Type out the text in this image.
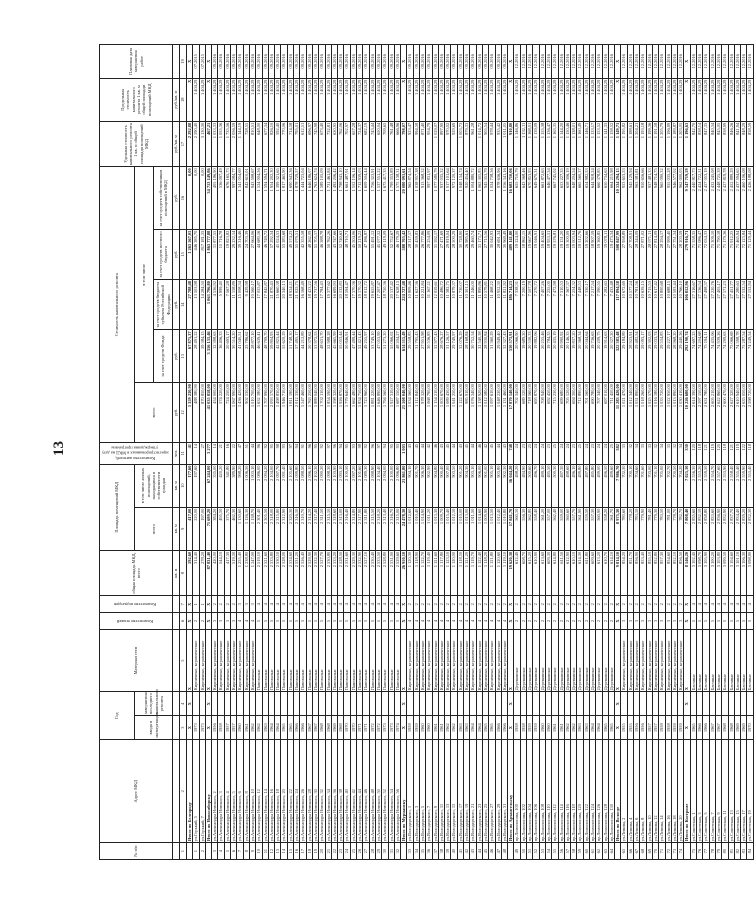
13
№ п/п	Адрес МКД	Год		Материал стен	Количество этажей	Количество подъездов	общая площадь МКД, всего	Площадь помещений МКД		Количество жителей, зарегистрированных в МКД на дату утверждения программы	Стоимость капитального ремонта					Удельная стоимость капитального ремонта 1 кв. м общей площади помещений МКД	Предельная стоимость капитального ремонта 1 кв. м общей площади помещений МКД	Плановая дата завершения работ
		ввода в эксплуатацию	завершения последнего капитального ремонта					всего	в том числе жилых помещений, находящихся в собственности граждан		всего	в том числе						
												за счет средств Фонда	за счет средств бюджета субъекта Российской Федерации	за счет средств местного бюджета	за счет средств собственников помещений в МКД			
							кв. м	кв. м	кв. м	чел.	руб.	руб.	руб.	руб.	руб.	руб./кв. м	руб./кв. м	
1	2	3	4	5	6	7	8	9	10	11	12	13	14	15	16	17	18	19
	Итого по Белгороду	X	X	X	X	X	592,60	417,00	177,60	41	1 359 230,90	67 875,37	27 788,48	1 263 567,05	0,00	2 292,88	X	X
1	ул.Горький, 5	1973		Кирпичные, керамические	2	1	314,40	220,00	197,60	14	488 380,90	28 491,22	13 503,98	446 385,70	0,00	2 590,40	1 404,29	07.2015
2	ул.Горький, 7	1973		Кирпичные, керамические	2	1	278,20	197,00		27	870 850,00	39 384,15	14 284,50	817 181,35	0,00	3 130,30	1 404,29	07.2015
	Итого по Новосибирску	X	X	X	X	X	87 831,40	71 699,20	67 244,00	3 277	41 035 858,00	3 356 133,46	1 063 796,80	1 863 777,88	34 753 149,86	467,21	X	X
3	ул.Александра Невского, 2	1956		Кирпичные, керамические	3	2	420,00	384,20	335,00	14	434 000,00	12 398,63	4 536,92	11 877,55	405 186,90	1 033,33	1 404,29	09.2016
4	ул.Александра Невского, 3	1958		Кирпичные, керамические	3	2	544,10	495,50	420,20	21	574 220,00	16 406,33	5 999,40	15 716,78	536 097,49	1 055,36	1 404,29	09.2016
5	ул.Александра Невского, 4	1957		Кирпичные, керамические	3	2	417,30	375,70	341,80	16	724 250,00	20 693,17	7 567,28	19 823,82	676 165,73	1 735,56	1 404,29	09.2016
6	ул.Александра Невского, 5	1957		Кирпичные, керамические	3	2	519,30	462,30	389,90	22	1 067 990,00	30 514,20	11 158,89	29 232,14	997 084,77	2 056,59	1 404,29	09.2016
7	ул.Александра Невского, 6	1960		Кирпичные, керамические	4	3	1 255,40	1 130,60	998,20	47	1 436 420,00	41 040,51	15 008,34	39 316,46	1 341 054,69	1 144,19	1 404,29	09.2016
8	ул.Александра Невского, 8	1961		Кирпичные, керамические	4	3	1 238,80	1 126,30	1 006,50	51	902 530,00	25 786,62	9 429,98	24 703,39	842 610,01	728,55	1 404,29	09.2016
9	ул.Александра Невского, 10	1962		Кирпичные, керамические	4	3	1 247,00	1 138,70	1 003,10	44	1 010 700,00	28 877,10	10 560,17	27 664,06	943 598,67	810,51	1 404,29	09.2016
10	ул.Александра Невского, 12	1962		Панельные	5	4	2 519,10	2 301,40	2 086,00	96	1 632 380,00	46 639,41	17 055,87	44 680,16	1 524 004,56	648,00	1 404,29	09.2016
11	ул.Александра Невского, 14	1963		Панельные	5	4	2 521,60	2 305,50	2 094,20	92	1 707 990,00	48 799,70	17 845,87	46 749,72	1 594 594,71	677,34	1 404,29	09.2016
12	ул.Александра Невского, 16	1964		Панельные	5	4	2 533,80	2 318,00	2 104,00	95	2 093 170,00	59 804,93	21 870,43	57 292,34	1 954 202,30	826,10	1 404,29	09.2016
13	ул.Александра Невского, 18	1964		Панельные	5	4	2 530,10	2 315,80	2 097,70	98	1 498 830,00	42 823,44	15 660,38	41 024,53	1 399 321,65	592,40	1 404,29	09.2016
14	ул.Александра Невского, 20	1965		Панельные	5	4	2 528,00	2 312,90	2 091,40	93	1 946 710,00	55 620,29	20 340,13	53 283,68	1 817 465,90	770,06	1 404,29	09.2016
15	ул.Александра Невского, 22	1965		Панельные	5	4	2 534,60	2 320,30	2 105,60	97	1 811 190,00	51 748,30	18 924,11	49 574,23	1 690 943,36	714,58	1 404,29	09.2016
16	ул.Александра Невского, 24	1966		Панельные	5	4	2 531,20	2 316,10	2 099,80	94	2 012 330,00	57 495,17	21 025,75	55 079,51	1 878 729,57	795,01	1 404,29	09.2016
17	ул.Александра Невского, 26	1966		Панельные	5	4	2 526,40	2 310,70	2 088,50	91	1 547 460,00	44 212,89	16 168,49	42 355,58	1 444 723,04	612,51	1 404,29	09.2016
18	ул.Александра Невского, 28	1967		Панельные	5	4	2 529,90	2 314,20	2 096,10	96	1 763 250,00	50 378,62	18 423,22	48 262,09	1 646 186,07	696,97	1 404,29	09.2016
19	ул.Александра Невского, 30	1967		Панельные	5	4	2 532,30	2 317,40	2 102,30	95	1 889 040,00	53 972,53	19 737,56	51 705,17	1 763 624,74	745,98	1 404,29	09.2016
20	ул.Александра Невского, 32	1968		Панельные	5	4	2 527,70	2 311,50	2 090,20	92	1 702 110,00	48 631,70	17 784,43	46 588,78	1 589 105,09	673,40	1 404,29	09.2016
21	ул.Александра Невского, 34	1968		Панельные	5	4	2 530,80	2 315,10	2 098,30	97	1 854 590,00	52 988,28	19 377,62	50 762,26	1 731 461,84	732,81	1 404,29	09.2016
22	ул.Александра Невского, 36	1969		Панельные	5	4	2 533,20	2 318,60	2 103,90	96	1 598 320,00	45 665,99	16 699,93	43 747,66	1 492 206,42	630,95	1 404,29	09.2016
23	ул.Александра Невского, 38	1969		Панельные	5	4	2 528,50	2 313,00	2 093,10	94	1 926 870,00	55 053,44	20 132,83	52 740,63	1 798 943,10	762,06	1 404,29	09.2016
24	ул.Александра Невского, 40	1970		Панельные	5	4	2 531,60	2 316,40	2 100,50	95	1 779 640,00	50 846,91	18 594,47	48 710,71	1 661 487,91	702,97	1 404,29	09.2016
25	ул.Александра Невского, 42	1970		Панельные	5	4	2 529,30	2 314,80	2 097,20	93	1 662 480,00	47 499,44	17 370,36	45 504,06	1 552 106,14	657,28	1 404,29	09.2016
26	ул.Александра Невского, 44	1971		Панельные	5	4	2 532,90	2 317,90	2 101,60	98	1 834 750,00	52 421,43	19 170,32	50 219,22	1 712 939,03	724,37	1 404,29	09.2016
27	ул.Александра Невского, 46	1971		Панельные	5	4	2 527,10	2 311,80	2 089,30	92	1 723 960,00	49 255,97	18 012,72	47 186,87	1 609 504,44	682,19	1 404,29	09.2016
28	ул.Александра Невского, 48	1972		Панельные	5	4	2 530,40	2 315,50	2 098,90	96	1 881 220,00	53 749,10	19 655,87	51 491,12	1 756 323,91	743,44	1 404,29	09.2016
29	ул.Александра Невского, 50	1972		Панельные	5	4	2 533,50	2 318,20	2 104,40	97	1 646 890,00	47 053,99	17 207,47	45 077,32	1 537 551,22	650,04	1 404,29	09.2016
30	ул.Александра Невского, 52	1973		Панельные	5	4	2 528,80	2 313,40	2 094,00	94	1 794 560,00	51 273,20	18 750,36	49 119,09	1 675 417,35	709,65	1 404,29	09.2016
31	ул.Александра Невского, 54	1973		Панельные	5	4	2 531,00	2 316,70	2 100,00	95	1 927 310,00	55 066,02	20 137,42	52 752,67	1 799 353,89	761,48	1 404,29	09.2016
32	ул.Александра Невского, 56	1974		Панельные	5	4	2 529,60	2 315,00	2 096,80	93	1 687 150,00	48 204,27	17 628,13	46 179,29	1 575 138,31	666,96	1 404,29	09.2016
	Итого по Мурманску	X	X	X	X	X	26 950,10	24 478,30	21 861,80	1 003	21 508 040,00	614 515,49	224 727,48	588 705,42	20 080 091,61	798,07	X	X
33	ул.Володарского, 1	1959		Кирпичные, керамические	4	2	1 120,30	1 012,60	904,10	43	1 034 560,00	29 558,83	10 809,46	28 317,17	965 874,54	923,47	1 404,29	09.2016
34	ул.Володарского, 3	1959		Кирпичные, керамические	4	2	1 118,90	1 010,40	901,70	45	1 112 840,00	31 795,43	11 627,36	30 459,83	1 038 957,38	994,58	1 404,29	09.2016
35	ул.Володарского, 5	1960		Кирпичные, керамические	4	2	1 122,70	1 014,90	906,30	44	978 320,00	27 951,98	10 221,84	26 777,86	913 368,32	871,40	1 404,29	09.2016
36	ул.Володарского, 7	1960		Кирпичные, керамические	4	2	1 119,40	1 011,20	902,90	42	1 068 790,00	30 536,83	11 167,11	29 254,09	997 831,97	954,79	1 404,29	09.2016
37	ул.Володарского, 9	1961		Кирпичные, керамические	4	2	1 121,60	1 013,30	904,80	46	1 154 210,00	32 977,43	12 059,61	31 592,17	1 077 580,79	1 029,07	1 404,29	09.2016
38	ул.Володарского, 11	1961		Кирпичные, керамические	4	2	1 117,80	1 009,70	900,40	43	1 003 670,00	28 676,27	10 486,72	27 471,69	937 035,32	897,90	1 404,29	09.2016
39	ул.Володарского, 13	1962		Кирпичные, керамические	4	2	1 123,10	1 015,40	907,00	45	1 089 430,00	31 126,57	11 382,75	29 819,04	1 017 101,64	970,02	1 404,29	09.2016
40	ул.Володарского, 15	1962		Кирпичные, керамические	4	2	1 120,00	1 012,10	903,50	44	1 041 250,00	29 749,97	10 879,37	28 500,29	972 120,37	929,69	1 404,29	09.2016
41	ул.Володарского, 17	1963		Кирпичные, керамические	4	2	1 118,50	1 010,00	901,20	43	1 122 670,00	32 076,29	11 730,07	30 728,90	1 048 134,74	1 003,73	1 404,29	09.2016
42	ул.Володарского, 19	1963		Кирпичные, керамические	4	2	1 121,20	1 013,00	904,30	45	985 910,00	28 168,84	10 301,15	26 985,61	920 454,40	879,33	1 404,29	09.2016
43	ул.Володарского, 21	1964		Кирпичные, керамические	4	2	1 119,70	1 011,50	903,10	44	1 076 340,00	30 752,54	11 246,00	29 460,74	1 004 880,72	961,28	1 404,29	09.2016
44	ул.Володарского, 23	1964		Кирпичные, керамические	4	2	1 122,40	1 014,60	906,00	46	1 138 920,00	32 540,58	11 899,86	31 173,71	1 063 305,85	1 014,72	1 404,29	09.2016
45	ул.Володарского, 25	1965		Кирпичные, керамические	4	2	1 118,20	1 009,90	901,00	42	1 012 580,00	28 930,84	10 579,81	27 715,56	945 353,79	905,54	1 404,29	09.2016
46	ул.Володарского, 27	1965		Кирпичные, керамические	4	2	1 121,80	1 013,50	905,10	45	1 097 610,00	31 360,29	11 468,22	30 042,93	1 024 738,56	978,44	1 404,29	09.2016
47	ул.Володарского, 29	1966		Кирпичные, керамические	4	2	1 120,60	1 012,40	903,80	44	1 048 230,00	29 949,40	10 952,30	28 691,34	978 636,96	935,42	1 404,29	09.2016
48	ул.Володарского, 31	1966		Кирпичные, керамические	4	2	1 119,10	1 010,80	902,30	43	1 131 460,00	32 327,43	11 821,92	30 969,49	1 056 341,16	1 011,05	1 404,29	09.2016
	Итого по Архангельску	X	X	X	X	X	19 620,30	17 841,70	16 044,20	748	17 870 140,00	510 573,91	186 714,23	489 141,80	16 683 710,06	910,80	X	X
49	пр.Ломоносова, 100	1958		Деревянные	2	2	612,40	560,10	498,20	24	702 340,00	20 066,90	7 338,31	19 224,00	655 710,79	1 146,86	1 404,29	12.2016
50	пр.Ломоносова, 102	1958		Деревянные	2	2	608,70	556,30	494,90	23	689 120,00	19 689,20	7 200,19	18 862,15	643 368,46	1 132,11	1 404,29	12.2016
51	пр.Ломоносова, 104	1959		Деревянные	2	2	615,20	562,80	500,60	25	718 560,00	20 530,33	7 507,78	19 667,96	670 853,93	1 168,01	1 404,29	12.2016
52	пр.Ломоносова, 106	1959		Деревянные	2	2	610,90	558,40	496,70	24	695 870,00	19 882,06	7 270,72	19 046,91	649 670,31	1 139,09	1 404,29	12.2016
53	пр.Ломоносова, 108	1960		Деревянные	2	2	613,60	561,20	499,10	24	708 940,00	20 255,46	7 407,26	19 404,65	661 872,63	1 155,38	1 404,29	12.2016
54	пр.Ломоносова, 110	1960		Деревянные	2	2	609,30	557,00	495,50	23	692 450,00	19 784,35	7 235,00	18 953,31	646 477,34	1 136,47	1 404,29	12.2016
55	пр.Ломоносова, 112	1961		Деревянные	2	2	614,80	562,40	500,30	25	715 230,00	20 435,19	7 472,98	19 576,81	667 745,02	1 163,35	1 404,29	12.2016
56	пр.Ломоносова, 114	1961		Деревянные	2	2	611,50	559,00	497,30	24	699 680,00	19 990,92	7 310,53	19 151,20	653 227,35	1 144,20	1 404,29	12.2016
57	пр.Ломоносова, 116	1962		Деревянные	2	2	612,90	560,60	498,60	24	705 120,00	20 146,35	7 367,37	19 300,09	658 306,19	1 150,46	1 404,29	12.2016
58	пр.Ломоносова, 118	1962		Деревянные	2	2	610,10	557,70	496,10	23	694 300,00	19 837,20	7 254,32	19 003,94	648 204,54	1 138,01	1 404,29	12.2016
59	пр.Ломоносова, 120	1963		Деревянные	2	2	614,30	561,90	499,80	25	712 890,00	20 368,34	7 448,53	19 512,76	665 560,37	1 160,49	1 404,29	12.2016
60	пр.Ломоносова, 122	1963		Деревянные	2	2	611,80	559,50	497,80	24	701 560,00	20 044,64	7 330,17	19 202,66	654 982,53	1 146,71	1 404,29	12.2016
61	пр.Ломоносова, 124	1964		Деревянные	2	2	609,60	557,30	495,80	23	690 780,00	19 736,63	7 217,54	18 907,59	644 918,24	1 133,17	1 404,29	12.2016
62	пр.Ломоносова, 126	1964		Деревянные	2	2	613,20	560,90	499,00	24	707 340,00	20 209,75	7 390,55	19 360,85	660 378,85	1 153,52	1 404,29	12.2016
63	пр.Ломоносова, 128	1965		Деревянные	2	2	610,70	558,20	496,50	24	697 010,00	19 914,63	7 282,63	19 078,11	650 734,63	1 141,33	1 404,29	12.2016
64	пр.Ломоносова, 130	1965		Деревянные	2	2	614,10	561,70	499,60	25	711 450,00	20 327,20	7 433,48	19 473,34	664 215,98	1 158,52	1 404,29	12.2016
	Итого по Вологде	X	X	X	X	X	9 814,10	8 975,30	7 986,70	382	11 283 420,00	322 383,48	117 894,38	308 847,99	10 534 294,15	1 149,71	X	X
65	ул.Ленина, 2	1955		Кирпичные, керамические	3	2	854,20	780,60	702,30	33	1 021 470,00	29 184,89	10 672,69	27 958,89	953 653,53	1 195,82	1 404,29	12.2016
66	ул.Ленина, 4	1955		Кирпичные, керамические	3	2	851,70	778,20	700,10	32	1 012 340,00	28 923,91	10 577,24	27 708,91	945 129,94	1 188,61	1 404,29	12.2016
67	ул.Ленина, 6	1956		Кирпичные, керамические	3	2	856,90	783,10	704,60	34	1 031 890,00	29 482,54	10 781,56	28 244,09	963 381,81	1 204,21	1 404,29	12.2016
68	ул.Ленина, 8	1956		Кирпичные, керамические	3	2	853,40	779,90	701,60	33	1 018 260,00	29 093,17	10 639,15	27 871,02	950 656,66	1 193,18	1 404,29	12.2016
69	ул.Ленина, 10	1957		Кирпичные, керамические	3	2	855,10	781,40	703,00	33	1 025 570,00	29 302,03	10 715,53	28 071,11	957 481,33	1 199,36	1 404,29	12.2016
70	ул.Ленина, 12	1957		Кирпичные, керамические	3	2	852,80	779,30	701,10	32	1 016 180,00	29 033,74	10 617,42	27 814,09	948 714,75	1 191,58	1 404,29	12.2016
71	ул.Ленина, 14	1958		Кирпичные, керамические	3	2	857,30	783,50	705,00	34	1 033 720,00	29 534,83	10 800,68	28 294,17	965 090,32	1 205,79	1 404,29	12.2016
72	ул.Ленина, 16	1958		Кирпичные, керамические	3	2	854,60	781,00	702,70	33	1 022 950,00	29 227,17	10 688,15	27 999,40	955 035,28	1 196,99	1 404,29	12.2016
73	ул.Ленина, 18	1959		Кирпичные, керамические	3	2	852,10	778,70	700,50	32	1 013 890,00	28 968,20	10 593,44	27 751,34	946 577,02	1 189,87	1 404,29	12.2016
74	ул.Ленина, 20	1959		Кирпичные, керамические	3	2	856,50	782,70	704,20	34	1 030 410,00	29 440,26	10 766,10	28 203,59	962 000,05	1 203,05	1 404,29	12.2016
	Итого по Костроме	X	X	X	X	X	8 546,20	7 808,40	7 025,10	330	10 226 680,00	292 190,74	106 852,96	279 916,71	9 547 719,59	1 196,63	X	X
75	ул.Советская, 1	1965		Блочные	5	4	3 102,40	2 835,60	2 556,30	120	2 614 390,00	74 697,25	27 316,67	71 558,35	2 440 817,73	842,70	1 404,29	12.2016
76	ул.Советская, 3	1966		Блочные	5	4	3 098,70	2 832,10	2 553,20	118	2 597 150,00	74 204,68	27 136,54	71 086,47	2 424 722,31	838,14	1 404,29	12.2016
77	ул.Советская, 5	1966		Блочные	5	4	3 105,90	2 838,80	2 559,50	121	2 631 780,00	75 194,11	27 498,37	72 034,33	2 457 053,19	847,35	1 404,29	12.2016
78	ул.Советская, 7	1967		Блочные	5	4	3 100,20	2 833,60	2 554,70	119	2 605 210,00	74 435,06	27 220,76	71 309,10	2 432 245,08	840,34	1 404,29	12.2016
79	ул.Советская, 9	1967		Блочные	5	4	3 103,80	2 836,90	2 557,60	120	2 622 860,00	74 939,26	27 405,17	71 790,18	2 448 725,39	845,05	1 404,29	12.2016
80	ул.Советская, 11	1968		Блочные	5	4	3 099,50	2 832,90	2 553,90	118	2 600 470,00	74 299,63	27 171,23	71 179,36	2 427 819,78	838,99	1 404,29	12.2016
81	ул.Советская, 13	1968		Блочные	5	4	3 104,60	2 837,70	2 558,40	121	2 627 320,00	75 066,69	27 451,77	71 912,25	2 452 889,29	846,26	1 404,29	12.2016
82	ул.Советская, 15	1969		Блочные	5	4	3 101,10	2 834,40	2 555,40	119	2 610 940,00	74 598,78	27 280,63	71 465,94	2 437 594,65	841,94	1 404,29	12.2016
83	ул.Советская, 17	1969		Блочные	5	4	3 106,30	2 839,20	2 559,90	122	2 635 050,00	75 287,54	27 532,54	72 123,84	2 460 106,08	848,29	1 404,29	12.2016
84	ул.Советская, 19	1970		Блочные	5	4	3 098,90	2 832,30	2 553,40	118	2 598 720,00	74 249,54	27 152,94	71 129,44	2 426 188,08	838,59	1 404,29	12.2016
